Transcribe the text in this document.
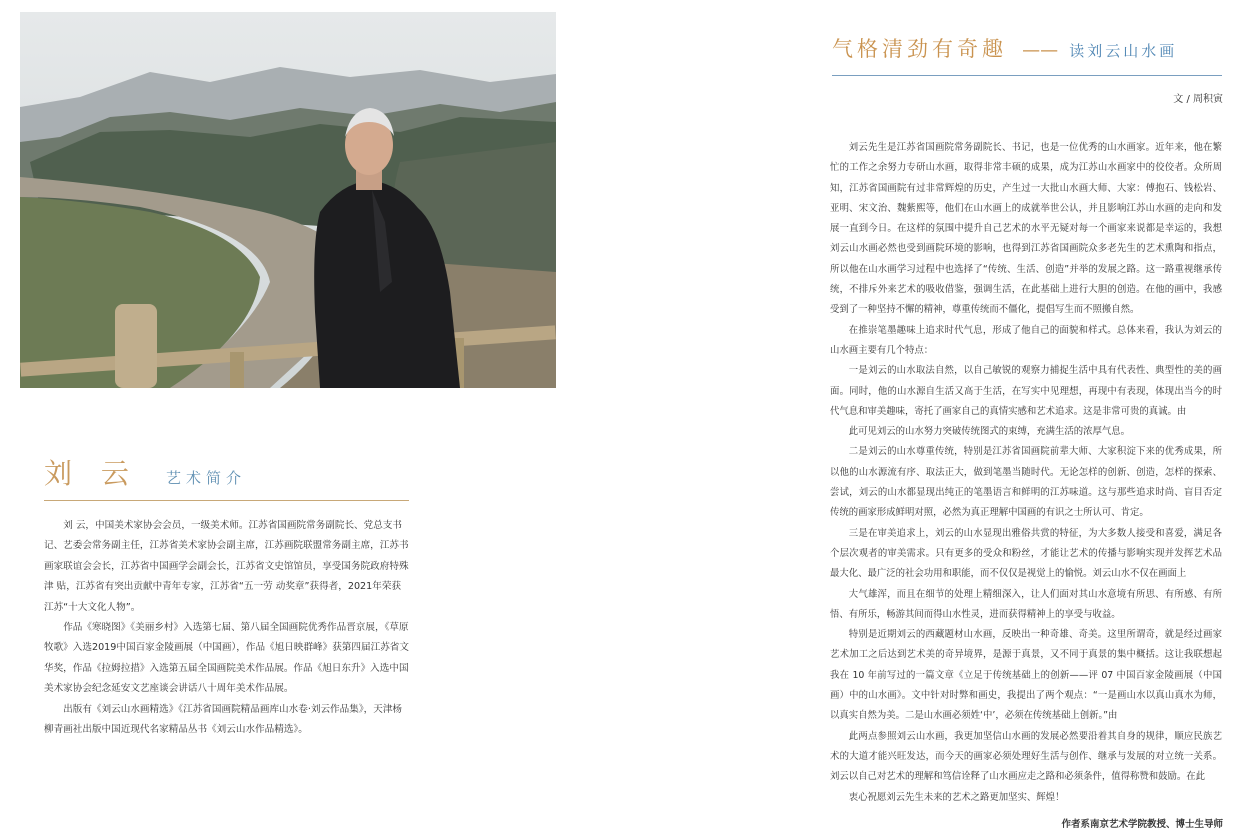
刘 云 艺术简介

刘 云，中国美术家协会会员，一级美术师。江苏省国画院常务副院长、党总支书记、艺委会常务副主任，江苏省美术家协会副主席，江苏画院联盟常务副主席，江苏书画家联谊会会长，江苏省中国画学会副会长，江苏省文史馆馆员，享受国务院政府特殊津 贴，江苏省有突出贡献中青年专家，江苏省“五一劳 动奖章”获得者，2021年荣获江苏“十大文化人物”。

作品《寒晓图》《美丽乡村》入选第七届、第八届全国画院优秀作品晋京展，《草原牧歌》入选2019中国百家金陵画展（中国画），作品《旭日映群峰》获第四届江苏省文华奖，作品《拉姆拉措》入选第五届全国画院美术作品展。作品《旭日东升》入选中国美术家协会纪念延安文艺座谈会讲话八十周年美术作品展。

出版有《刘云山水画精选》《江苏省国画院精品画库山水卷·刘云作品集》，天津杨柳青画社出版中国近现代名家精品丛书《刘云山水作品精选》。

气格清劲有奇趣 —— 读刘云山水画
文 / 周积寅

刘云先生是江苏省国画院常务副院长、书记，也是一位优秀的山水画家。近年来，他在繁忙的工作之余努力专研山水画，取得非常丰硕的成果，成为江苏山水画家中的佼佼者。众所周知，江苏省国画院有过非常辉煌的历史，产生过一大批山水画大师、大家：傅抱石、钱松岩、亚明、宋文治、魏紫熙等，他们在山水画上的成就举世公认，并且影响江苏山水画的走向和发展一直到今日。在这样的氛围中提升自己艺术的水平无疑对每一个画家来说都是幸运的，我想刘云山水画必然也受到画院环境的影响，也得到江苏省国画院众多老先生的艺术熏陶和指点，所以他在山水画学习过程中也选择了“传统、生活、创造”并举的发展之路。这一路重视继承传统，不排斥外来艺术的吸收借鉴，强调生活，在此基础上进行大胆的创造。在他的画中，我感受到了一种坚持不懈的精神，尊重传统而不僵化，提倡写生而不照搬自然。

在推崇笔墨趣味上追求时代气息，形成了他自己的面貌和样式。总体来看，我认为刘云的山水画主要有几个特点：

一是刘云的山水取法自然，以自己敏锐的观察力捕捉生活中具有代表性、典型性的美的画面。同时，他的山水源自生活又高于生活，在写实中见理想，再现中有表现，体现出当今的时代气息和审美趣味，寄托了画家自己的真情实感和艺术追求。这是非常可贵的真诚。由

此可见刘云的山水努力突破传统图式的束缚，充满生活的浓厚气息。

二是刘云的山水尊重传统，特别是江苏省国画院前辈大师、大家积淀下来的优秀成果，所以他的山水源流有序、取法正大，做到笔墨当随时代。无论怎样的创新、创造，怎样的探索、尝试，刘云的山水都显现出纯正的笔墨语言和鲜明的江苏味道。这与那些追求时尚、盲目否定传统的画家形成鲜明对照，必然为真正理解中国画的有识之士所认可、肯定。

三是在审美追求上，刘云的山水显现出雅俗共赏的特征，为大多数人接受和喜爱，满足各个层次观者的审美需求。只有更多的受众和粉丝，才能让艺术的传播与影响实现并发挥艺术品最大化、最广泛的社会功用和职能，而不仅仅是视觉上的愉悦。刘云山水不仅在画面上

大气雄浑，而且在细节的处理上精细深入，让人们面对其山水意境有所思、有所感、有所悟、有所乐，畅游其间而得山水性灵，进而获得精神上的享受与收益。

特别是近期刘云的西藏题材山水画，反映出一种奇雄、奇美。这里所谓奇，就是经过画家艺术加工之后达到艺术美的奇异境界，是源于真景，又不同于真景的集中概括。这让我联想起我在 10 年前写过的一篇文章《立足于传统基础上的创新——评 07 中国百家金陵画展（中国画）中的山水画》。文中针对时弊和画史，我提出了两个观点：“一是画山水以真山真水为师，以真实自然为美。二是山水画必须姓‘中’，必须在传统基础上创新。”由

此两点参照刘云山水画，我更加坚信山水画的发展必然要沿着其自身的规律，顺应民族艺术的大道才能兴旺发达，而今天的画家必须处理好生活与创作、继承与发展的对立统一关系。刘云以自己对艺术的理解和笃信诠释了山水画应走之路和必须条件，值得称赞和鼓励。在此

衷心祝愿刘云先生未来的艺术之路更加坚实、辉煌！

作者系南京艺术学院教授、博士生导师
